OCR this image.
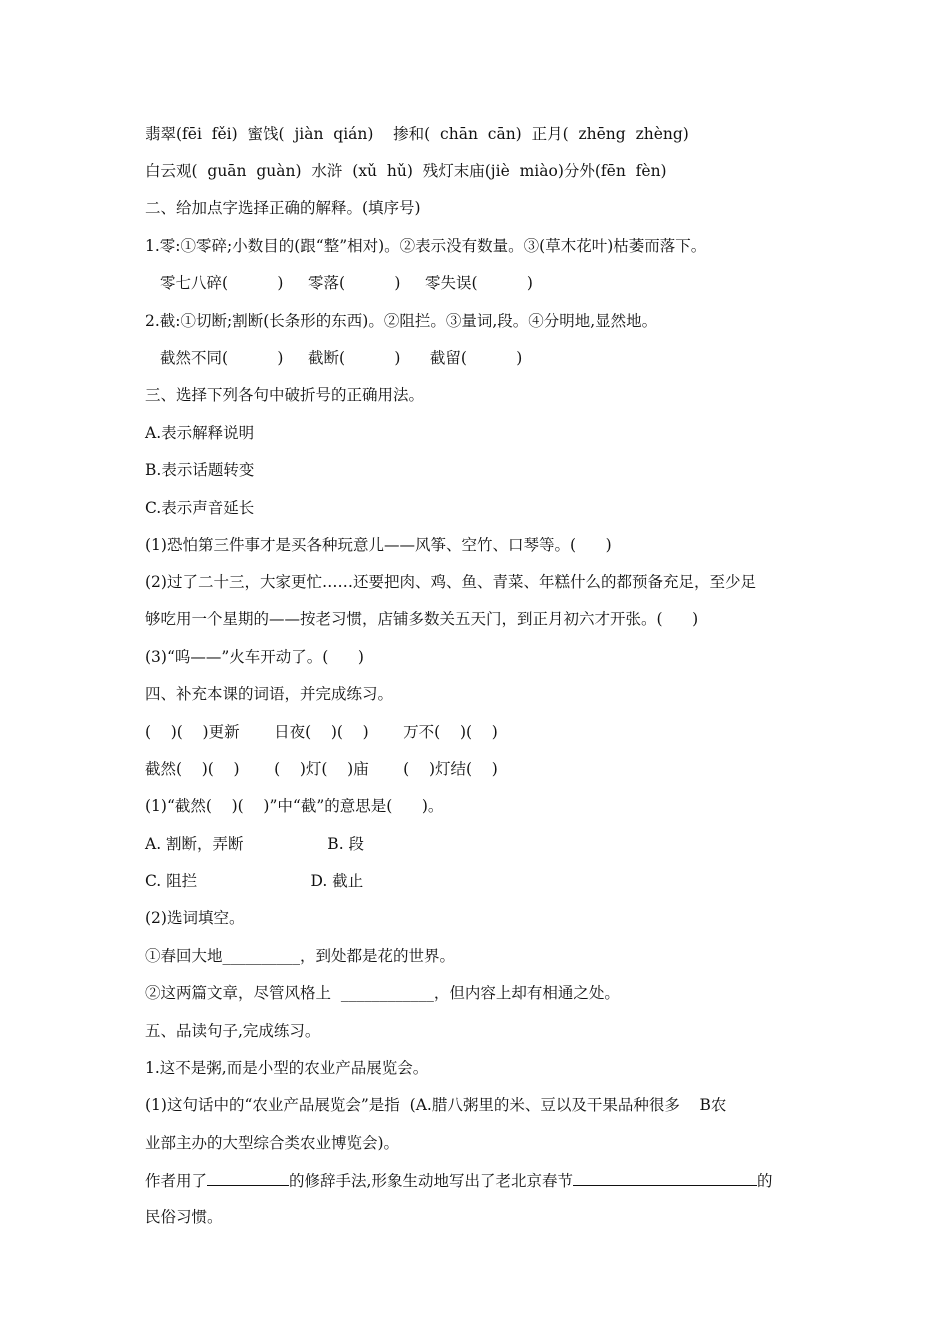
翡翠(fēi  fěi)  蜜饯(  jiàn  qián)    掺和(  chān  cān)  正月(  zhēng  zhèng)
白云观(  guān  guàn)  水浒  (xǔ  hǔ)  残灯末庙(jiè  miào)分外(fēn  fèn)
二、给加点字选择正确的解释。(填序号)
1.零:①零碎;小数目的(跟“整”相对)。②表示没有数量。③(草木花叶)枯萎而落下。
零七八碎(          )     零落(          )     零失误(          )
2.截:①切断;割断(长条形的东西)。②阻拦。③量词,段。④分明地,显然地。
截然不同(          )     截断(          )      截留(          )
三、选择下列各句中破折号的正确用法。
A.表示解释说明
B.表示话题转变
C.表示声音延长
(1)恐怕第三件事才是买各种玩意儿——风筝、空竹、口琴等。(      )
(2)过了二十三，大家更忙……还要把肉、鸡、鱼、青菜、年糕什么的都预备充足，至少足
够吃用一个星期的——按老习惯，店铺多数关五天门，到正月初六才开张。(      )
(3)“呜——”火车开动了。(      )
四、补充本课的词语，并完成练习。
(    )(    )更新       日夜(    )(    )       万不(    )(    )
截然(    )(    )       (    )灯(    )庙       (    )灯结(    )
(1)“截然(    )(    )”中“截”的意思是(      )。
A. 割断，弄断                 B. 段
C. 阻拦                       D. 截止
(2)选词填空。
①春回大地__________，到处都是花的世界。
②这两篇文章，尽管风格上  ____________，但内容上却有相通之处。
五、品读句子,完成练习。
1.这不是粥,而是小型的农业产品展览会。
(1)这句话中的“农业产品展览会”是指  (A.腊八粥里的米、豆以及干果品种很多    B农
业部主办的大型综合类农业博览会)。
作者用了	的修辞手法,形象生动地写出了老北京春节	的
民俗习惯。
